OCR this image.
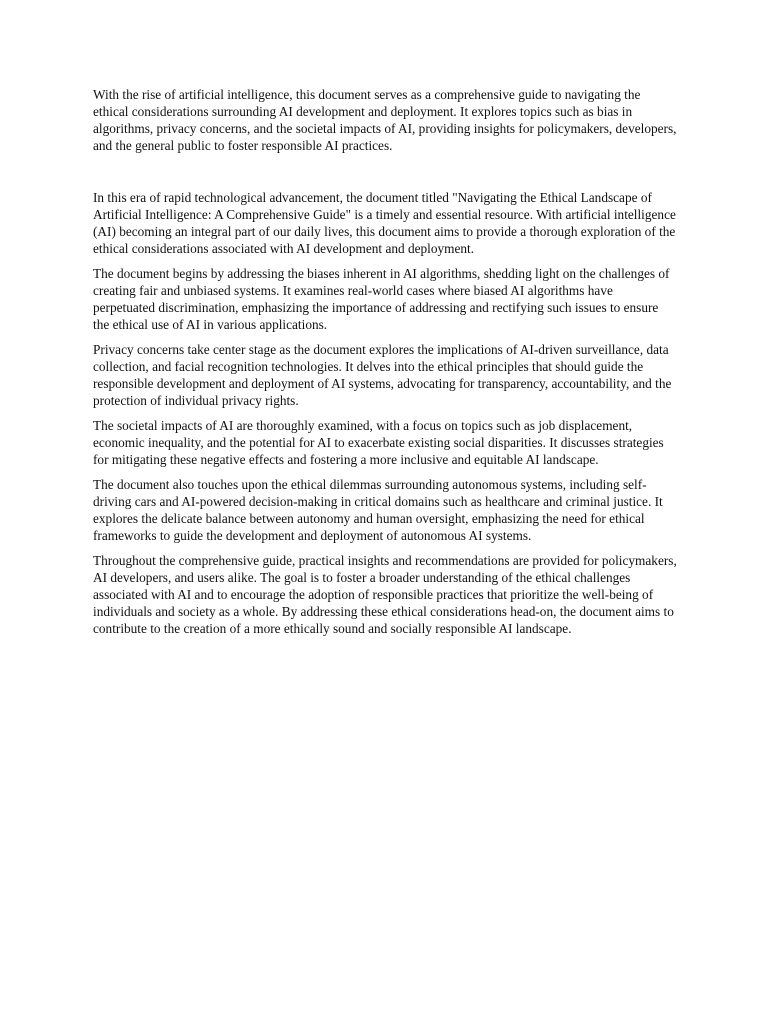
With the rise of artificial intelligence, this document serves as a comprehensive guide to navigating the ethical considerations surrounding AI development and deployment. It explores topics such as bias in algorithms, privacy concerns, and the societal impacts of AI, providing insights for policymakers, developers, and the general public to foster responsible AI practices.

In this era of rapid technological advancement, the document titled "Navigating the Ethical Landscape of Artificial Intelligence: A Comprehensive Guide" is a timely and essential resource. With artificial intelligence (AI) becoming an integral part of our daily lives, this document aims to provide a thorough exploration of the ethical considerations associated with AI development and deployment.

The document begins by addressing the biases inherent in AI algorithms, shedding light on the challenges of creating fair and unbiased systems. It examines real-world cases where biased AI algorithms have perpetuated discrimination, emphasizing the importance of addressing and rectifying such issues to ensure the ethical use of AI in various applications.

Privacy concerns take center stage as the document explores the implications of AI-driven surveillance, data collection, and facial recognition technologies. It delves into the ethical principles that should guide the responsible development and deployment of AI systems, advocating for transparency, accountability, and the protection of individual privacy rights.

The societal impacts of AI are thoroughly examined, with a focus on topics such as job displacement, economic inequality, and the potential for AI to exacerbate existing social disparities. It discusses strategies for mitigating these negative effects and fostering a more inclusive and equitable AI landscape.

The document also touches upon the ethical dilemmas surrounding autonomous systems, including self-driving cars and AI-powered decision-making in critical domains such as healthcare and criminal justice. It explores the delicate balance between autonomy and human oversight, emphasizing the need for ethical frameworks to guide the development and deployment of autonomous AI systems.

Throughout the comprehensive guide, practical insights and recommendations are provided for policymakers, AI developers, and users alike. The goal is to foster a broader understanding of the ethical challenges associated with AI and to encourage the adoption of responsible practices that prioritize the well-being of individuals and society as a whole. By addressing these ethical considerations head-on, the document aims to contribute to the creation of a more ethically sound and socially responsible AI landscape.
